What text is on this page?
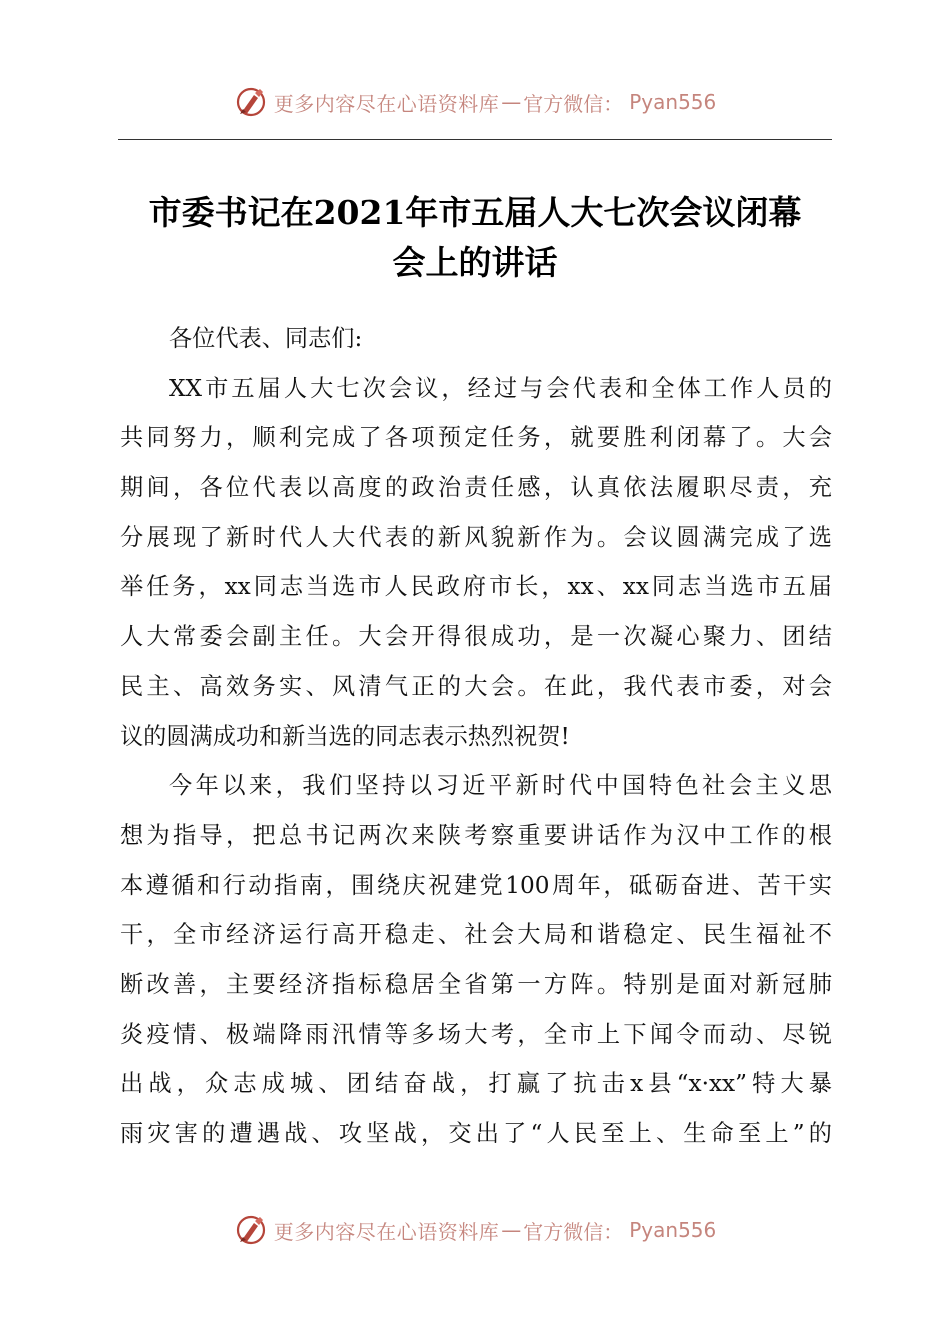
更多内容尽在心语资料库 — 官方微信： Pyan556
市委书记在2021年市五届人大七次会议闭幕
会上的讲话
各位代表、同志们:
XX市五届人大七次会议，经过与会代表和全体工作人员的
共同努力，顺利完成了各项预定任务，就要胜利闭幕了。大会
期间，各位代表以高度的政治责任感，认真依法履职尽责，充
分展现了新时代人大代表的新风貌新作为。会议圆满完成了选
举任务，xx同志当选市人民政府市长，xx、xx同志当选市五届
人大常委会副主任。大会开得很成功，是一次凝心聚力、团结
民主、高效务实、风清气正的大会。在此，我代表市委，对会
议的圆满成功和新当选的同志表示热烈祝贺!
今年以来，我们坚持以习近平新时代中国特色社会主义思
想为指导，把总书记两次来陕考察重要讲话作为汉中工作的根
本遵循和行动指南，围绕庆祝建党100周年，砥砺奋进、苦干实
干，全市经济运行高开稳走、社会大局和谐稳定、民生福祉不
断改善，主要经济指标稳居全省第一方阵。特别是面对新冠肺
炎疫情、极端降雨汛情等多场大考，全市上下闻令而动、尽锐
出战，众志成城、团结奋战，打赢了抗击x县“x·xx”特大暴
雨灾害的遭遇战、攻坚战，交出了“人民至上、生命至上”的
更多内容尽在心语资料库 — 官方微信： Pyan556
